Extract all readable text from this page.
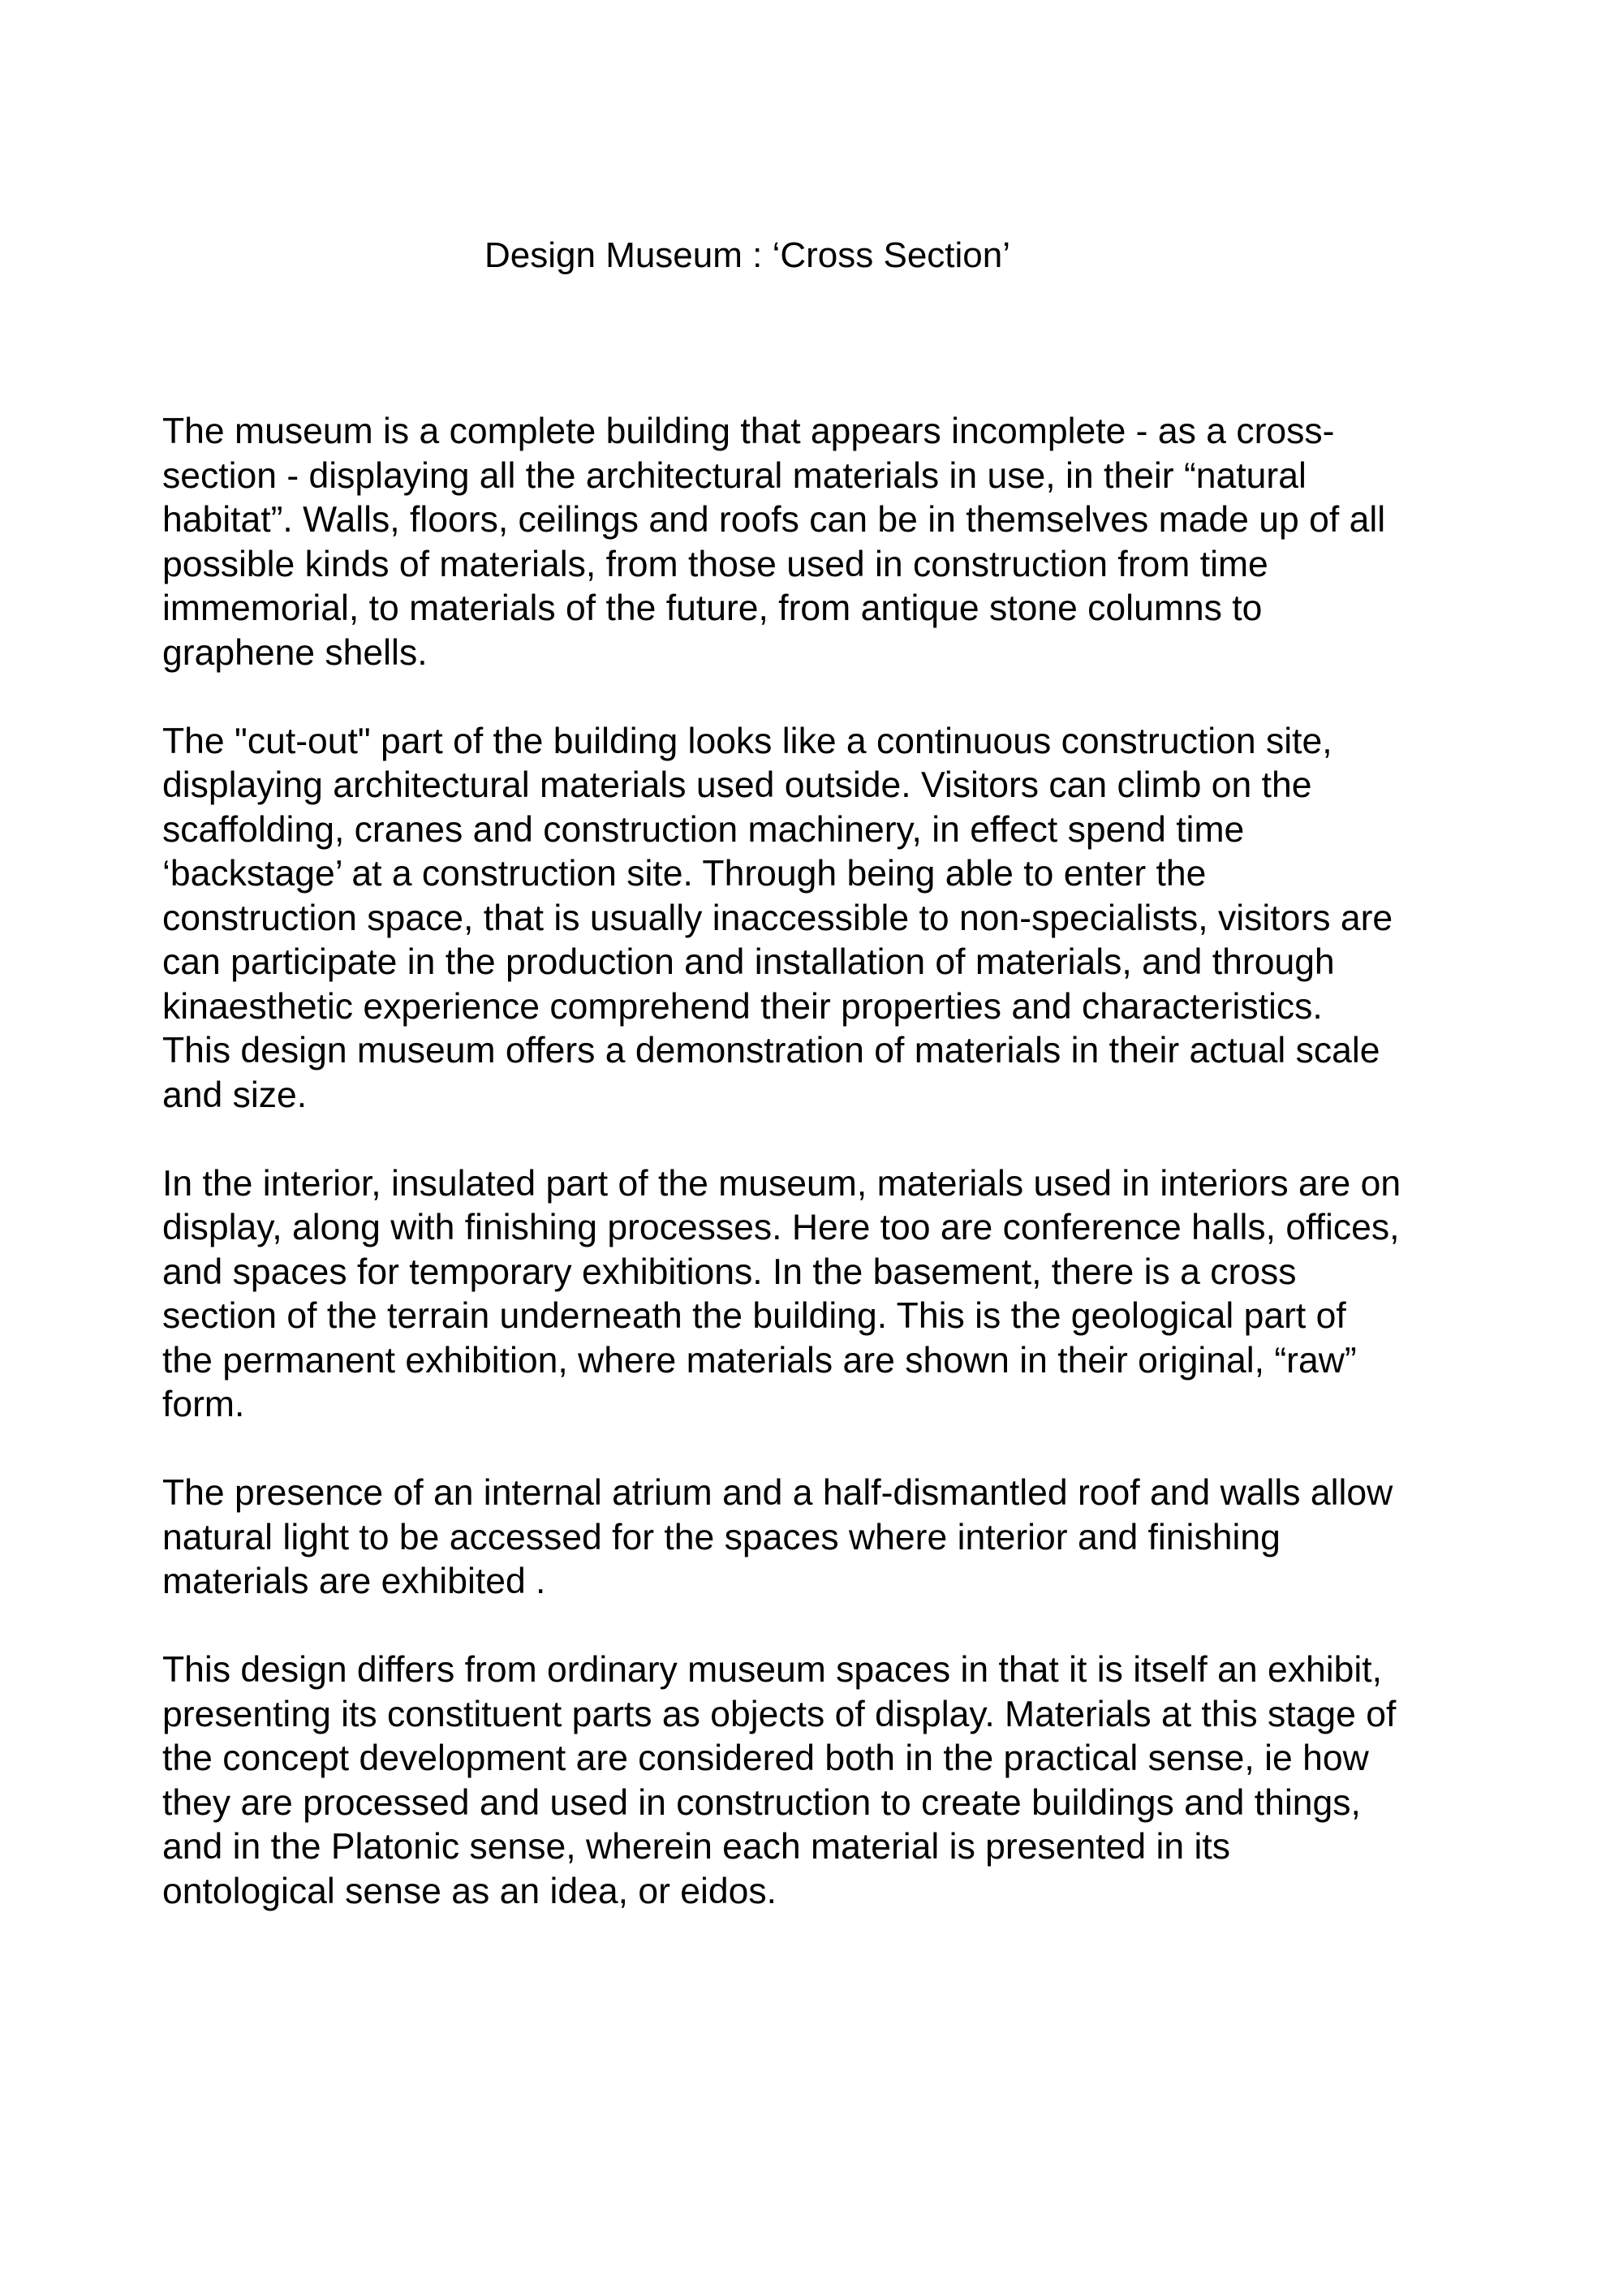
Design Museum : ‘Cross Section’
The museum is a complete building that appears incomplete - as a cross-
section - displaying all the architectural materials in use, in their “natural
habitat”. Walls, floors, ceilings and roofs can be in themselves made up of all
possible kinds of materials, from those used in construction from time
immemorial, to materials of the future, from antique stone columns to
graphene shells.
The "cut-out" part of the building looks like a continuous construction site,
displaying architectural materials used outside. Visitors can climb on the
scaffolding, cranes and construction machinery, in effect spend time
‘backstage’ at a construction site. Through being able to enter the
construction space, that is usually inaccessible to non-specialists, visitors are
can participate in the production and installation of materials, and through
kinaesthetic experience comprehend their properties and characteristics.
This design museum offers a demonstration of materials in their actual scale
and size.
In the interior, insulated part of the museum, materials used in interiors are on
display, along with finishing processes. Here too are conference halls, offices,
and spaces for temporary exhibitions. In the basement, there is a cross
section of the terrain underneath the building. This is the geological part of
the permanent exhibition, where materials are shown in their original, “raw”
form.
The presence of an internal atrium and a half-dismantled roof and walls allow
natural light to be accessed for the spaces where interior and finishing
materials are exhibited .
This design differs from ordinary museum spaces in that it is itself an exhibit,
presenting its constituent parts as objects of display. Materials at this stage of
the concept development are considered both in the practical sense, ie how
they are processed and used in construction to create buildings and things,
and in the Platonic sense, wherein each material is presented in its
ontological sense as an idea, or eidos.
